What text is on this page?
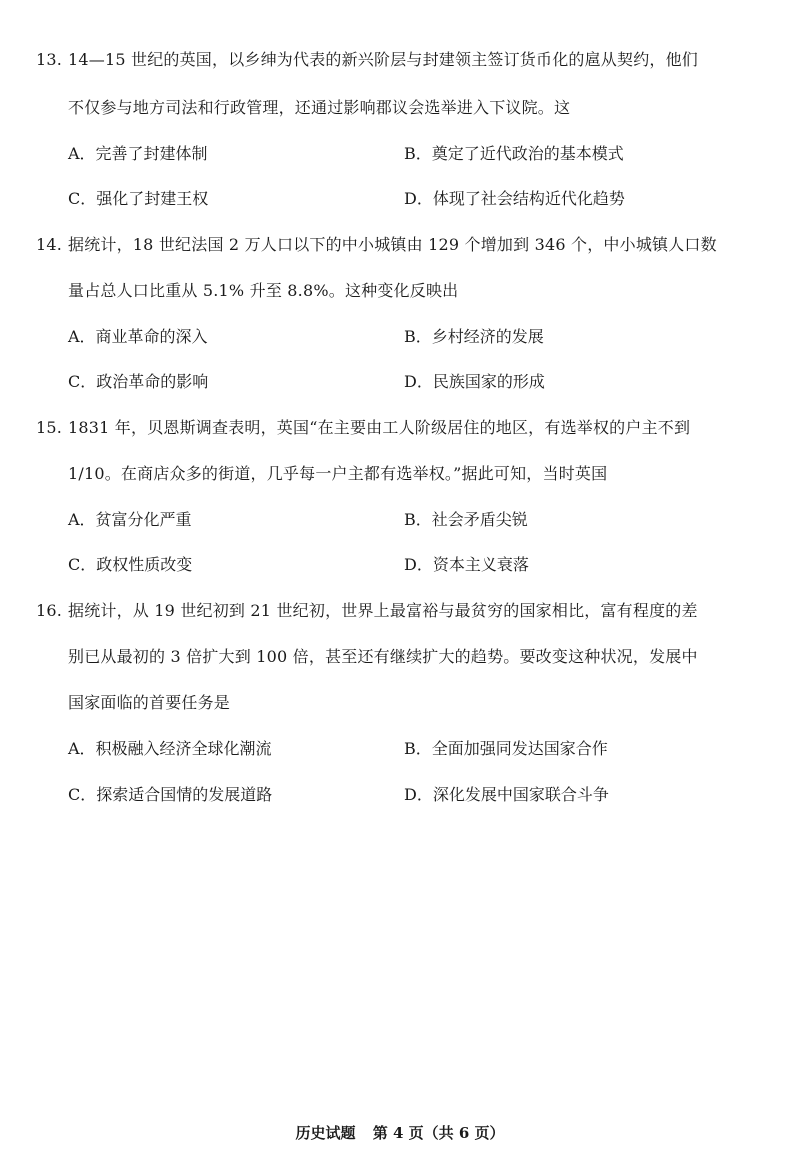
13. 14—15 世纪的英国，以乡绅为代表的新兴阶层与封建领主签订货币化的扈从契约，他们
不仅参与地方司法和行政管理，还通过影响郡议会选举进入下议院。这
A．完善了封建体制	B．奠定了近代政治的基本模式
C．强化了封建王权	D．体现了社会结构近代化趋势
14. 据统计，18 世纪法国 2 万人口以下的中小城镇由 129 个增加到 346 个，中小城镇人口数
量占总人口比重从 5.1% 升至 8.8%。这种变化反映出
A．商业革命的深入	B．乡村经济的发展
C．政治革命的影响	D．民族国家的形成
15. 1831 年，贝恩斯调查表明，英国“在主要由工人阶级居住的地区，有选举权的户主不到
1/10。在商店众多的街道，几乎每一户主都有选举权。”据此可知，当时英国
A．贫富分化严重	B．社会矛盾尖锐
C．政权性质改变	D．资本主义衰落
16. 据统计，从 19 世纪初到 21 世纪初，世界上最富裕与最贫穷的国家相比，富有程度的差
别已从最初的 3 倍扩大到 100 倍，甚至还有继续扩大的趋势。要改变这种状况，发展中
国家面临的首要任务是
A．积极融入经济全球化潮流	B．全面加强同发达国家合作
C．探索适合国情的发展道路	D．深化发展中国家联合斗争
历史试题 第 4 页（共 6 页）
